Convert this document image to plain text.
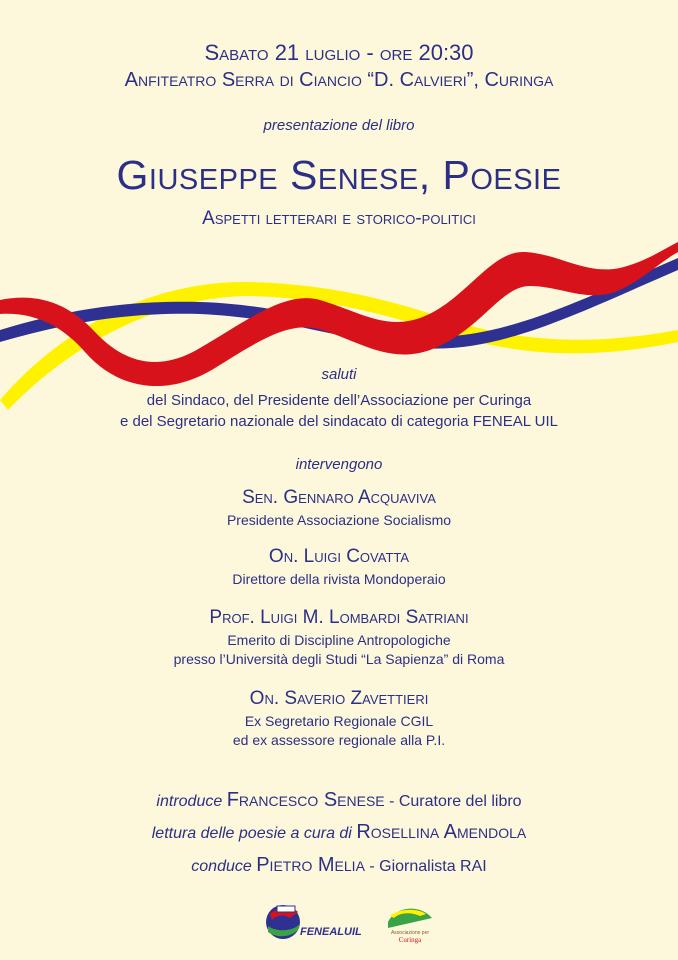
Sabato 21 luglio - ore 20:30
Anfiteatro Serra di Ciancio “D. Calvieri”, Curinga
presentazione del libro
Giuseppe Senese, Poesie
Aspetti letterari e storico-politici
saluti
del Sindaco, del Presidente dell’Associazione per Curinga
e del Segretario nazionale del sindacato di categoria FENEAL UIL
intervengono
Sen. Gennaro Acquaviva
Presidente Associazione Socialismo
On. Luigi Covatta
Direttore della rivista Mondoperaio
Prof. Luigi M. Lombardi Satriani
Emerito di Discipline Antropologiche
presso l’Università degli Studi “La Sapienza” di Roma
On. Saverio Zavettieri
Ex Segretario Regionale CGIL
ed ex assessore regionale alla P.I.
introduce Francesco Senese - Curatore del libro
lettura delle poesie a cura di Rosellina Amendola
conduce Pietro Melia - Giornalista RAI
FENEALUIL	Associazione per
Curinga
